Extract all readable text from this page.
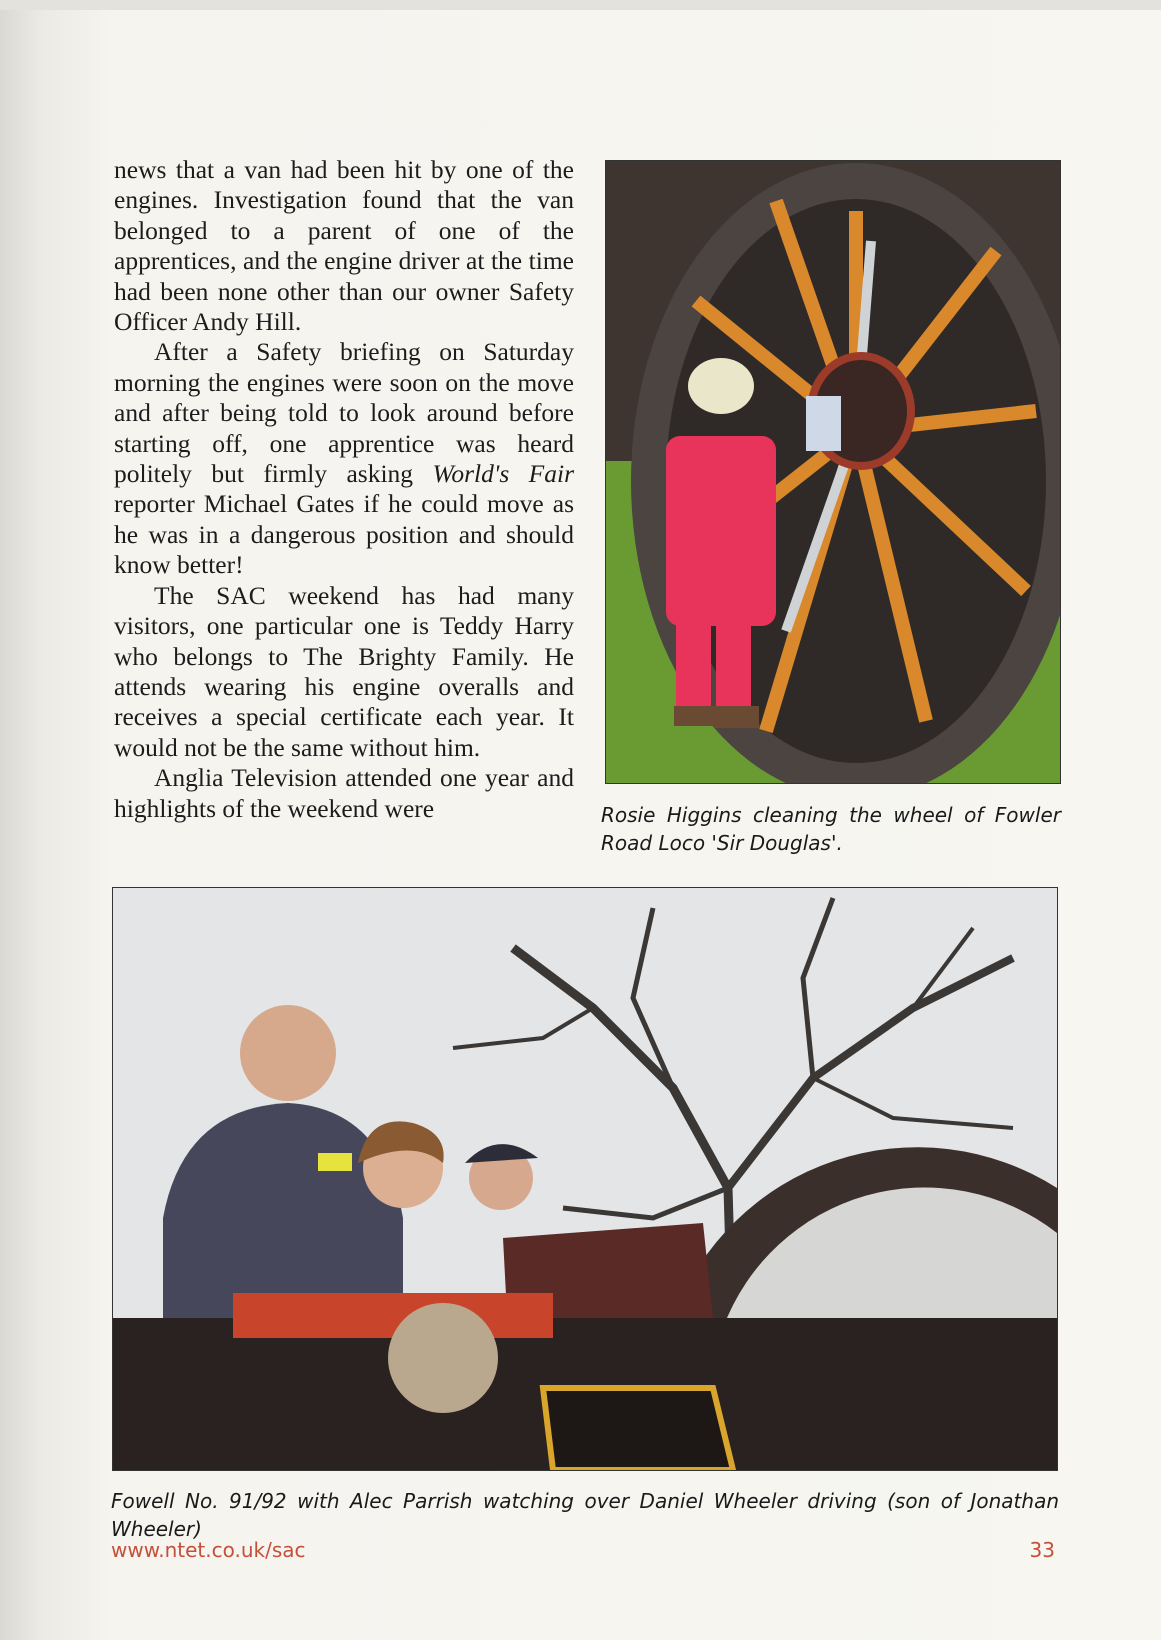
news that a van had been hit by one of the engines. Investigation found that the van belonged to a parent of one of the apprentices, and the engine driver at the time had been none other than our owner Safety Officer Andy Hill.

After a Safety briefing on Saturday morning the engines were soon on the move and after being told to look around before starting off, one apprentice was heard politely but firmly asking World's Fair reporter Michael Gates if he could move as he was in a dangerous position and should know better!

The SAC weekend has had many visitors, one particular one is Teddy Harry who belongs to The Brighty Family. He attends wearing his engine overalls and receives a special certificate each year. It would not be the same without him.

Anglia Television attended one year and highlights of the weekend were	Rosie Higgins cleaning the wheel of Fowler Road Loco 'Sir Douglas'.
Fowell No. 91/92 with Alec Parrish watching over Daniel Wheeler driving (son of Jonathan Wheeler)
www.ntet.co.uk/sac	33
